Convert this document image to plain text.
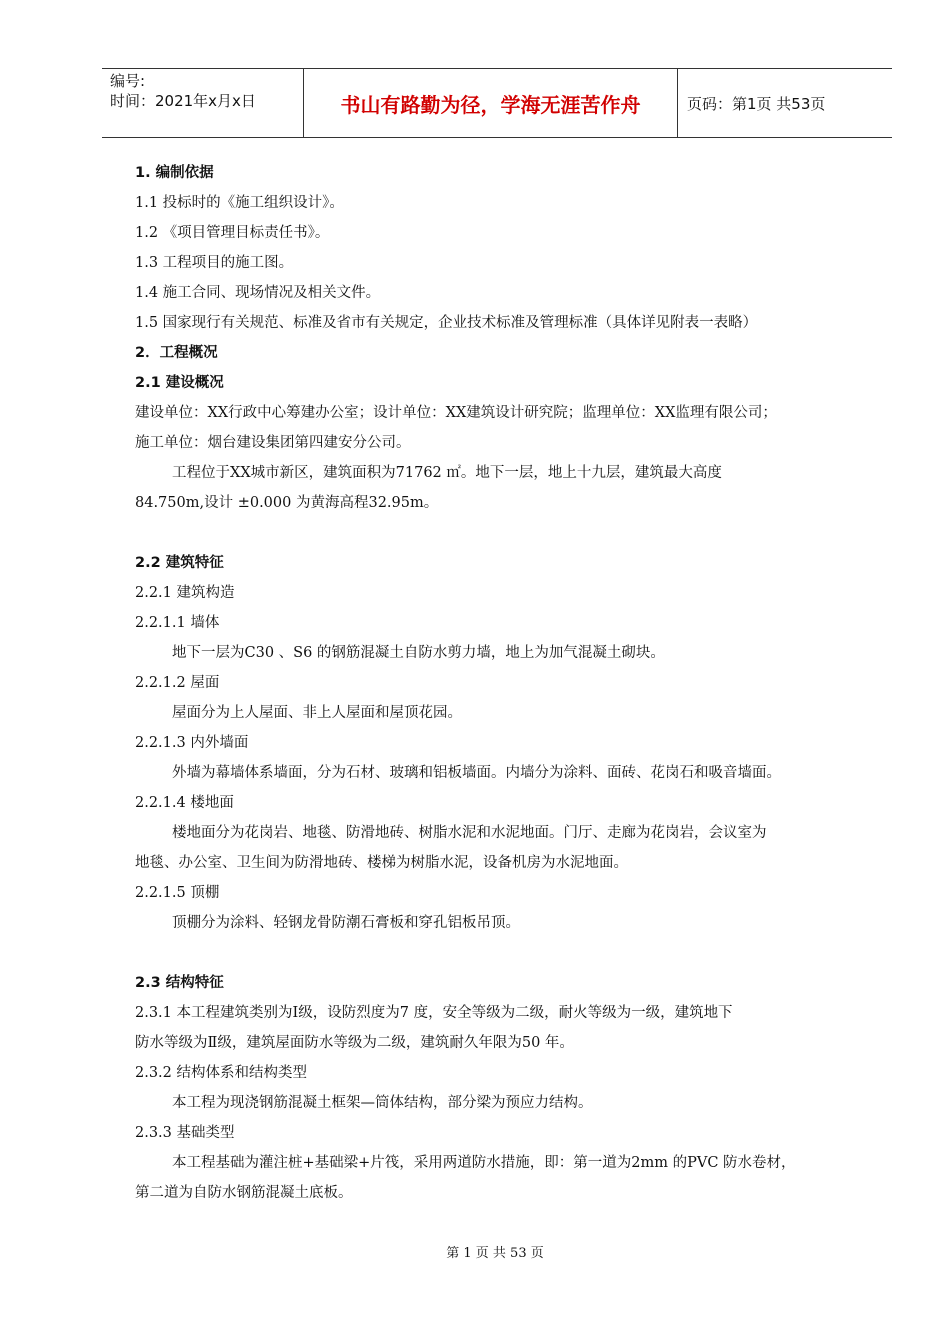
编号:
时间：2021年x月x日	书山有路勤为径，学海无涯苦作舟	页码：第1页 共53页
1. 编制依据
1.1 投标时的《施工组织设计》。
1.2 《项目管理目标责任书》。
1.3 工程项目的施工图。
1.4 施工合同、现场情况及相关文件。
1.5 国家现行有关规范、标准及省市有关规定，企业技术标准及管理标准（具体详见附表一表略）
2．工程概况
2.1 建设概况
建设单位：XX行政中心筹建办公室；设计单位：XX建筑设计研究院；监理单位：XX监理有限公司；
施工单位：烟台建设集团第四建安分公司。
工程位于XX城市新区，建筑面积为71762 ㎡。地下一层，地上十九层，建筑最大高度
84.750m,设计 ±0.000 为黄海高程32.95m。
2.2 建筑特征
2.2.1 建筑构造
2.2.1.1 墙体
地下一层为C30 、S6 的钢筋混凝土自防水剪力墙，地上为加气混凝土砌块。
2.2.1.2 屋面
屋面分为上人屋面、非上人屋面和屋顶花园。
2.2.1.3 内外墙面
外墙为幕墙体系墙面，分为石材、玻璃和铝板墙面。内墙分为涂料、面砖、花岗石和吸音墙面。
2.2.1.4 楼地面
楼地面分为花岗岩、地毯、防滑地砖、树脂水泥和水泥地面。门厅、走廊为花岗岩，会议室为
地毯、办公室、卫生间为防滑地砖、楼梯为树脂水泥，设备机房为水泥地面。
2.2.1.5 顶棚
顶棚分为涂料、轻钢龙骨防潮石膏板和穿孔铝板吊顶。
2.3 结构特征
2.3.1 本工程建筑类别为Ⅰ级，设防烈度为7 度，安全等级为二级，耐火等级为一级，建筑地下
防水等级为Ⅱ级，建筑屋面防水等级为二级，建筑耐久年限为50 年。
2.3.2 结构体系和结构类型
本工程为现浇钢筋混凝土框架—筒体结构，部分梁为预应力结构。
2.3.3 基础类型
本工程基础为灌注桩+基础梁+片筏，采用两道防水措施，即：第一道为2mm 的PVC 防水卷材，
第二道为自防水钢筋混凝土底板。
第 1 页 共 53 页
